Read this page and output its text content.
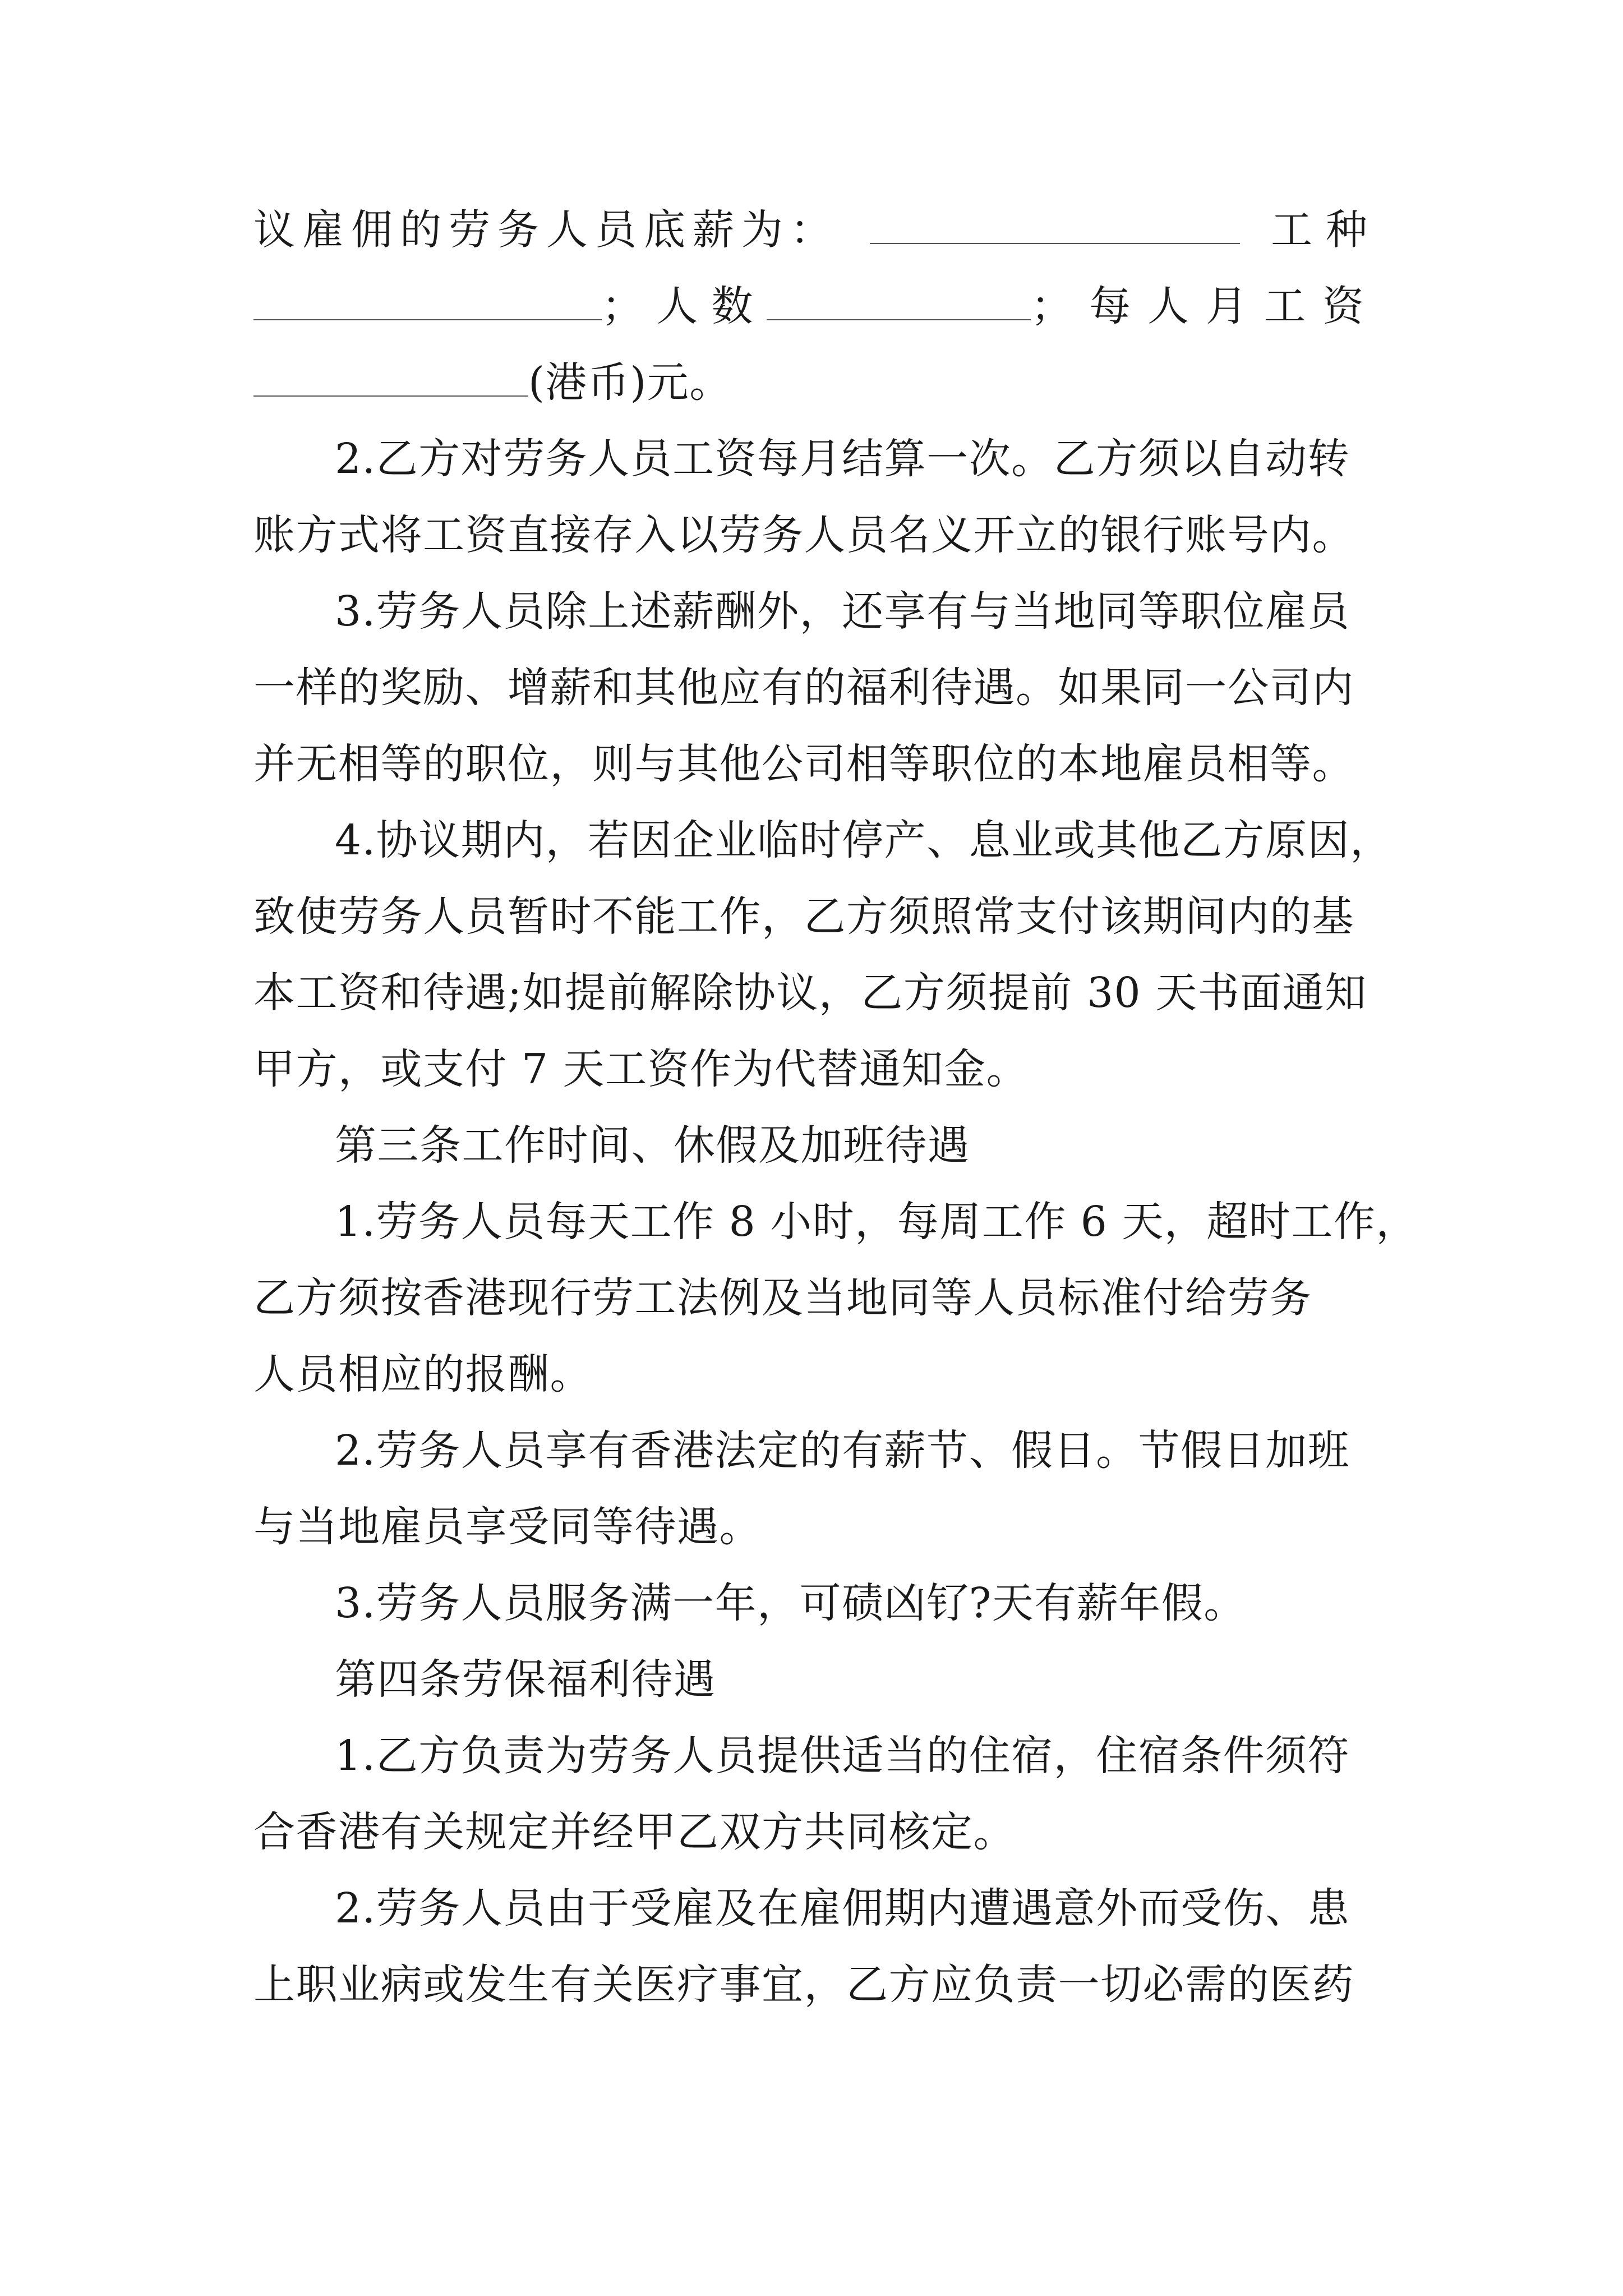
议雇佣的劳务人员底薪为：	工种
；人数	；每人月工资
(港币)元。
2.乙方对劳务人员工资每月结算一次。乙方须以自动转
账方式将工资直接存入以劳务人员名义开立的银行账号内。
3.劳务人员除上述薪酬外，还享有与当地同等职位雇员
一样的奖励、增薪和其他应有的福利待遇。如果同一公司内
并无相等的职位，则与其他公司相等职位的本地雇员相等。
4.协议期内，若因企业临时停产、息业或其他乙方原因，
致使劳务人员暂时不能工作，乙方须照常支付该期间内的基
本工资和待遇;如提前解除协议，乙方须提前 30 天书面通知
甲方，或支付 7 天工资作为代替通知金。
第三条工作时间、休假及加班待遇
1.劳务人员每天工作 8 小时，每周工作 6 天，超时工作，
乙方须按香港现行劳工法例及当地同等人员标准付给劳务
人员相应的报酬。
2.劳务人员享有香港法定的有薪节、假日。节假日加班
与当地雇员享受同等待遇。
3.劳务人员服务满一年，可碛凶钌?天有薪年假。
第四条劳保福利待遇
1.乙方负责为劳务人员提供适当的住宿，住宿条件须符
合香港有关规定并经甲乙双方共同核定。
2.劳务人员由于受雇及在雇佣期内遭遇意外而受伤、患
上职业病或发生有关医疗事宜，乙方应负责一切必需的医药
